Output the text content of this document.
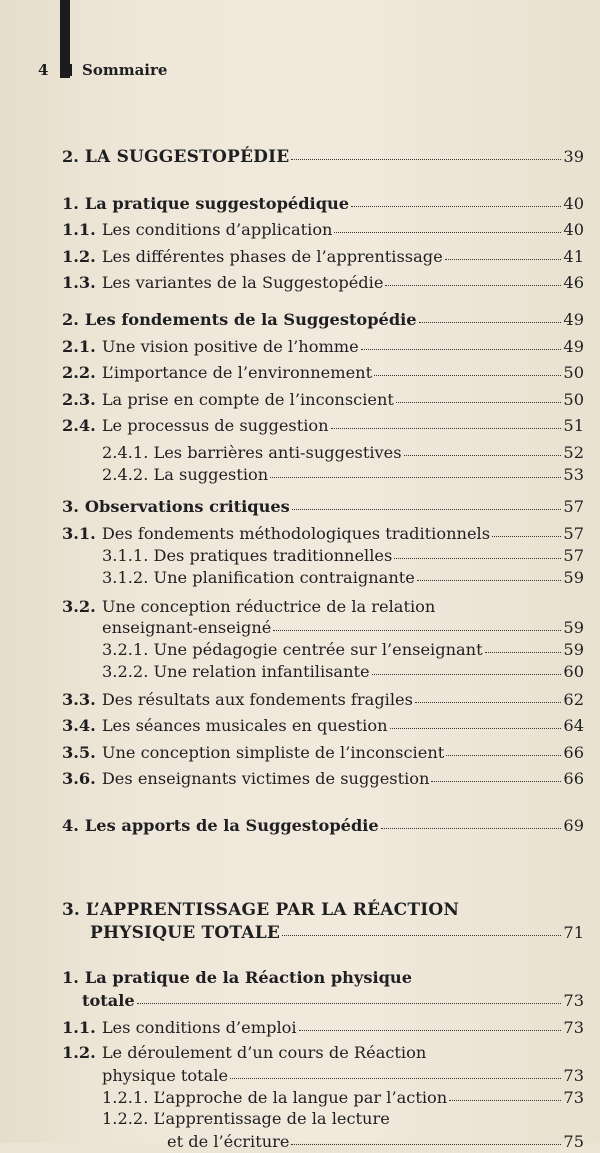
4	Sommaire
2. LA SUGGESTOPÉDIE	39
1. La pratique suggestopédique	40
1.1. Les conditions d’application	40
1.2. Les différentes phases de l’apprentissage	41
1.3. Les variantes de la Suggestopédie	46
2. Les fondements de la Suggestopédie	49
2.1. Une vision positive de l’homme	49
2.2. L’importance de l’environnement	50
2.3. La prise en compte de l’inconscient	50
2.4. Le processus de suggestion	51
2.4.1. Les barrières anti-suggestives	52
2.4.2. La suggestion	53
3. Observations critiques	57
3.1. Des fondements méthodologiques traditionnels	57
3.1.1. Des pratiques traditionnelles	57
3.1.2. Une planification contraignante	59
3.2. Une conception réductrice de la relation
enseignant-enseigné	59
3.2.1. Une pédagogie centrée sur l’enseignant	59
3.2.2. Une relation infantilisante	60
3.3. Des résultats aux fondements fragiles	62
3.4. Les séances musicales en question	64
3.5. Une conception simpliste de l’inconscient	66
3.6. Des enseignants victimes de suggestion	66
4. Les apports de la Suggestopédie	69
3. L’APPRENTISSAGE PAR LA RÉACTION
PHYSIQUE TOTALE	71
1. La pratique de la Réaction physique
totale	73
1.1. Les conditions d’emploi	73
1.2. Le déroulement d’un cours de Réaction
physique totale	73
1.2.1. L’approche de la langue par l’action	73
1.2.2. L’apprentissage de la lecture
et de l’écriture	75
